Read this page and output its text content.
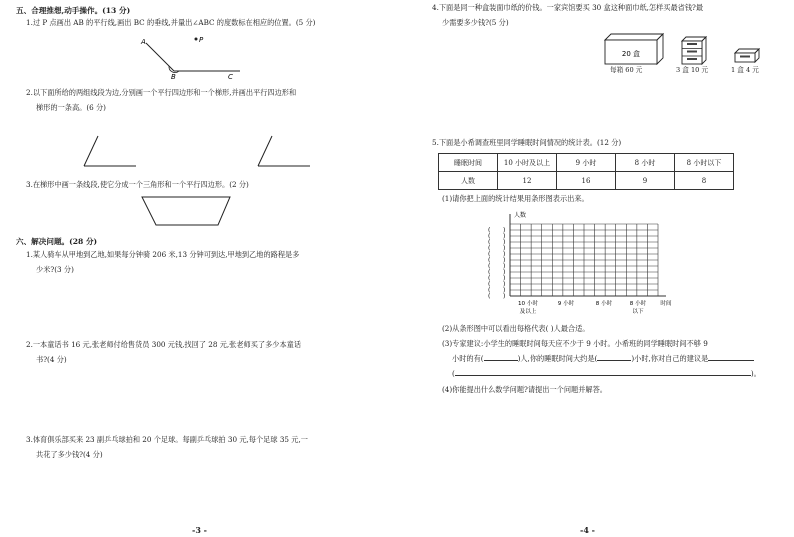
五、合理推想,动手操作。(13 分)
1.过 P 点画出 AB 的平行线,画出 BC 的垂线,并量出∠ABC 的度数标在相应的位置。(5 分)
A	P
B	C
2.以下面所给的两组线段为边,分别画一个平行四边形和一个梯形,并画出平行四边形和
梯形的一条高。(6 分)
3.在梯形中画一条线段,使它分成一个三角形和一个平行四边形。(2 分)
六、解决问题。(28 分)
1.某人骑车从甲地到乙地,如果每分钟骑 206 米,13 分钟可到达,甲地到乙地的路程是多
少米?(3 分)
2.一本童话书 16 元,张老师付给售货员 300 元钱,找回了 28 元,张老师买了多少本童话
书?(4 分)
3.体育俱乐部买来 23 副乒乓球拍和 20 个足球。每副乒乓球拍 30 元,每个足球 35 元,一
共花了多少钱?(4 分)
-3 -
4.下面是同一种盒装面巾纸的价钱。一家宾馆要买 30 盒这种面巾纸,怎样买最省钱?最
少需要多少钱?(5 分)
20 盒
每箱 60 元	3 盒 10 元	1 盒 4 元
5.下面是小希调查班里同学睡眠时间情况的统计表。(12 分)
睡眠时间	10 小时及以上	9 小时	8 小时	8 小时以下
人数	12	16	9	8
(1)请你把上面的统计结果用条形图表示出来。
( )
( )
( )
( )
( )
( )
( )
( )
( )
( )
( )
( )
人数
10 小时
及以上
9 小时	8 小时	8 小时
以下
时间
(2)从条形图中可以看出每格代表( )人最合适。
(3)专家建议:小学生的睡眠时间每天应不少于 9 小时。小希班的同学睡眠时间不够 9
小时的有(	)人,你的睡眠时间大约是(	)小时,你对自己的建议是
(	)。
(4)你能提出什么数学问题?请提出一个问题并解答。
-4 -
